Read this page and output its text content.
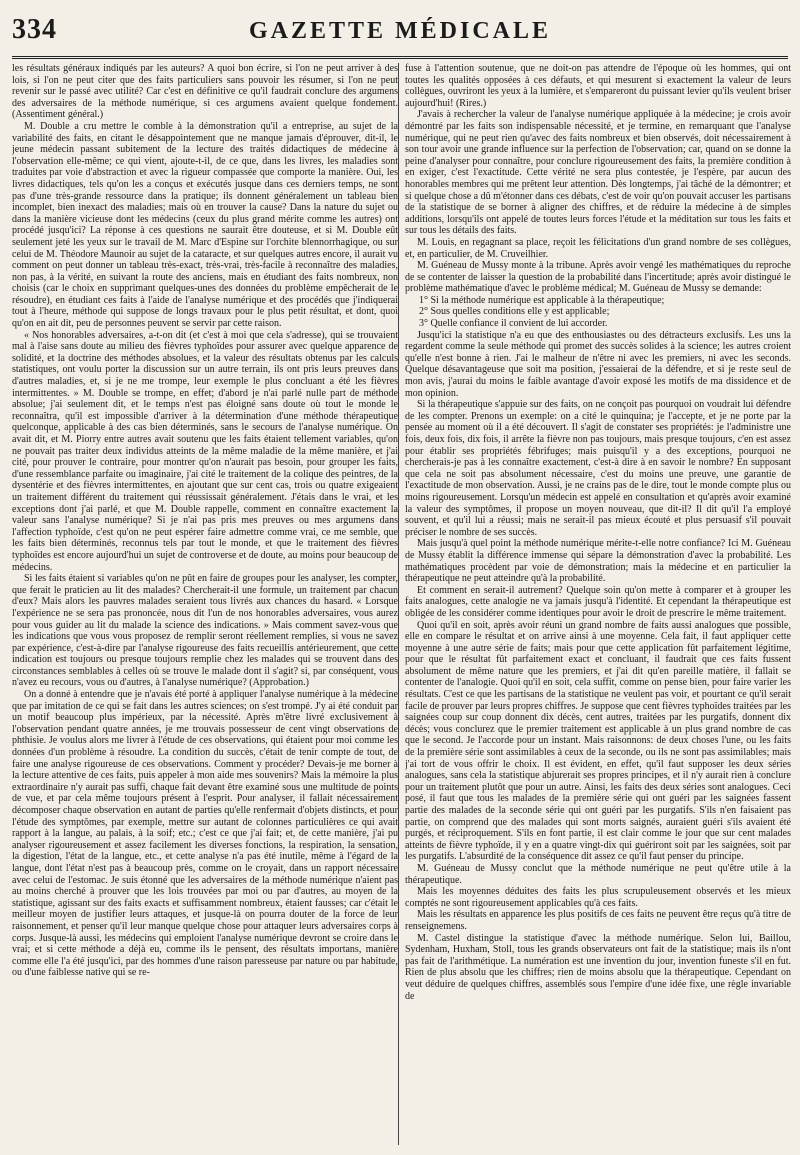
334	GAZETTE MÉDICALE

les résultats généraux indiqués par les auteurs? A quoi bon écrire, si l'on ne peut arriver à des lois, si l'on ne peut citer que des faits particuliers sans pouvoir les résumer, si l'on ne peut revenir sur le passé avec utilité? Car c'est en définitive ce qu'il faudrait conclure des argumens des adversaires de la méthode numérique, si ces argumens avaient quelque fondement. (Assentiment général.)

M. Double a cru mettre le comble à la démonstration qu'il a entreprise, au sujet de la variabilité des faits, en citant le désappointement que ne manque jamais d'éprouver, dit-il, le jeune médecin passant subitement de la lecture des traités didactiques de médecine à l'observation elle-même; ce qui vient, ajoute-t-il, de ce que, dans les livres, les maladies sont traduites par voie d'abstraction et avec la rigueur compassée que comporte la manière. Oui, les livres didactiques, tels qu'on les a conçus et exécutés jusque dans ces derniers temps, ne sont pas d'une très-grande ressource dans la pratique; ils donnent généralement un tableau bien incomplet, bien inexact des maladies; mais où en trouver la cause? Dans la nature du sujet ou dans la manière vicieuse dont les médecins (ceux du plus grand mérite comme les autres) ont procédé jusqu'ici? La réponse à ces questions ne saurait être douteuse, et si M. Double eût seulement jeté les yeux sur le travail de M. Marc d'Espine sur l'orchite blennorrhagique, ou sur celui de M. Théodore Maunoir au sujet de la cataracte, et sur quelques autres encore, il aurait vu comment on peut donner un tableau très-exact, très-vrai, très-facile à reconnaître des maladies, non pas, à la vérité, en suivant la route des anciens, mais en étudiant des faits nombreux, non choisis (car le choix en supprimant quelques-unes des données du problème empêcherait de le résoudre), en étudiant ces faits à l'aide de l'analyse numérique et des procédés que j'indiquerai tout à l'heure, méthode qui suppose de longs travaux pour le plus petit résultat, et dont, quoi qu'on en ait dit, peu de personnes peuvent se servir par cette raison.

« Nos honorables adversaires, a-t-on dit (et c'est à moi que cela s'adresse), qui se trouvaient mal à l'aise sans doute au milieu des fièvres typhoïdes pour assurer avec quelque apparence de solidité, et la doctrine des méthodes absolues, et la valeur des résultats obtenus par les calculs statistiques, ont voulu porter la discussion sur un autre terrain, ils ont pris leurs preuves dans d'autres maladies, et, si je ne me trompe, leur exemple le plus concluant a été les fièvres intermittentes. » M. Double se trompe, en effet; d'abord je n'ai parlé nulle part de méthode absolue; j'ai seulement dit, et le temps n'est pas éloigné sans doute où tout le monde le reconnaîtra, qu'il est impossible d'arriver à la détermination d'une méthode thérapeutique quelconque, applicable à des cas bien déterminés, sans le secours de l'analyse numérique. On avait dit, et M. Piorry entre autres avait soutenu que les faits étaient tellement variables, qu'on ne pouvait pas traiter deux individus atteints de la même maladie de la même manière, et j'ai cité, pour prouver le contraire, pour montrer qu'on n'aurait pas besoin, pour grouper les faits, d'une ressemblance parfaite ou imaginaire, j'ai cité le traitement de la colique des peintres, de la dysentérie et des fièvres intermittentes, en ajoutant que sur cent cas, trois ou quatre exigeaient un traitement différent du traitement qui réussissait généralement. J'étais dans le vrai, et les exceptions dont j'ai parlé, et que M. Double rappelle, comment en connaître exactement la valeur sans l'analyse numérique? Si je n'ai pas pris mes preuves ou mes argumens dans l'affection typhoïde, c'est qu'on ne peut espérer faire admettre comme vrai, ce me semble, que les faits bien déterminés, reconnus tels par tout le monde, et que le traitement des fièvres typhoïdes est encore aujourd'hui un sujet de controverse et de doute, au moins pour beaucoup de médecins.

Si les faits étaient si variables qu'on ne pût en faire de groupes pour les analyser, les compter, que ferait le praticien au lit des malades? Chercherait-il une formule, un traitement par chacun d'eux? Mais alors les pauvres malades seraient tous livrés aux chances du hasard. « Lorsque l'expérience ne se sera pas prononcée, nous dit l'un de nos honorables adversaires, vous aurez pour vous guider au lit du malade la science des indications. » Mais comment savez-vous que les indications que vous vous proposez de remplir seront réellement remplies, si vous ne savez par expérience, c'est-à-dire par l'analyse rigoureuse des faits recueillis antérieurement, que cette indication est toujours ou presque toujours remplie chez les malades qui se trouvent dans des circonstances semblables à celles où se trouve le malade dont il s'agit? si, par conséquent, vous n'avez eu recours, vous ou d'autres, à l'analyse numérique? (Approbation.)

On a donné à entendre que je n'avais été porté à appliquer l'analyse numérique à la médecine que par imitation de ce qui se fait dans les autres sciences; on s'est trompé. J'y ai été conduit par un motif beaucoup plus impérieux, par la nécessité. Après m'être livré exclusivement à l'observation pendant quatre années, je me trouvais possesseur de cent vingt observations de phthisie. Je voulus alors me livrer à l'étude de ces observations, qui étaient pour moi comme les données d'un problème à résoudre. La condition du succès, c'était de tenir compte de tout, de faire une analyse rigoureuse de ces observations. Comment y procéder? Devais-je me borner à la lecture attentive de ces faits, puis appeler à mon aide mes souvenirs? Mais la mémoire la plus extraordinaire n'y aurait pas suffi, chaque fait devant être examiné sous une multitude de points de vue, et par cela même toujours présent à l'esprit. Pour analyser, il fallait nécessairement décomposer chaque observation en autant de parties qu'elle renfermait d'objets distincts, et pour l'étude des symptômes, par exemple, mettre sur autant de colonnes particulières ce qui avait rapport à la langue, au palais, à la soif; etc.; c'est ce que j'ai fait; et, de cette manière, j'ai pu analyser rigoureusement et assez facilement les diverses fonctions, la respiration, la sensation, la digestion, l'état de la langue, etc., et cette analyse n'a pas été inutile, même à l'égard de la langue, dont l'état n'est pas à beaucoup près, comme on le croyait, dans un rapport nécessaire avec celui de l'estomac. Je suis étonné que les adversaires de la méthode numérique n'aient pas au moins cherché à prouver que les lois trouvées par moi ou par d'autres, au moyen de la statistique, agissant sur des faits exacts et suffisamment nombreux, étaient fausses; car c'était le meilleur moyen de justifier leurs attaques, et jusque-là on pourra douter de la force de leur raisonnement, et penser qu'il leur manque quelque chose pour attaquer leurs adversaires corps à corps. Jusque-là aussi, les médecins qui emploient l'analyse numérique devront se croire dans le vrai; et si cette méthode a déjà eu, comme ils le pensent, des résultats importans, manière comme elle l'a été jusqu'ici, par des hommes d'une raison paresseuse par nature ou par habitude, ou d'une faiblesse native qui se re-

fuse à l'attention soutenue, que ne doit-on pas attendre de l'époque où les hommes, qui ont toutes les qualités opposées à ces défauts, et qui mesurent si exactement la valeur de leurs collègues, ouvriront les yeux à la lumière, et s'empareront du puissant levier qu'ils veulent briser aujourd'hui! (Rires.)

J'avais à rechercher la valeur de l'analyse numérique appliquée à la médecine; je crois avoir démontré par les faits son indispensable nécessité, et je termine, en remarquant que l'analyse numérique, qui ne peut rien qu'avec des faits nombreux et bien observés, doit nécessairement à son tour avoir une grande influence sur la perfection de l'observation; car, quand on se donne la peine d'analyser pour connaître, pour conclure rigoureusement des faits, la première condition à en exiger, c'est l'exactitude. Cette vérité ne sera plus contestée, je l'espère, par aucun des honorables membres qui me prêtent leur attention. Dès longtemps, j'ai tâché de la démontrer; et si quelque chose a dû m'étonner dans ces débats, c'est de voir qu'on pouvait accuser les partisans de la statistique de se borner à aligner des chiffres, et de réduire la médecine à de simples additions, lorsqu'ils ont appelé de toutes leurs forces l'étude et la méditation sur tous les faits et sur tous les détails des faits.

M. Louis, en regagnant sa place, reçoit les félicitations d'un grand nombre de ses collègues, et, en particulier, de M. Cruveilhier.

M. Guéneau de Mussy monte à la tribune. Après avoir vengé les mathématiques du reproche de se contenter de laisser la question de la probabilité dans l'incertitude; après avoir distingué le problème mathématique d'avec le problème médical; M. Guéneau de Mussy se demande:

1° Si la méthode numérique est applicable à la thérapeutique;

2° Sous quelles conditions elle y est applicable;

3° Quelle confiance il convient de lui accorder.

Jusqu'ici la statistique n'a eu que des enthousiastes ou des détracteurs exclusifs. Les uns la regardent comme la seule méthode qui promet des succès solides à la science; les autres croient qu'elle n'est bonne à rien. J'ai le malheur de n'être ni avec les premiers, ni avec les seconds. Quelque désavantageuse que soit ma position, j'essaierai de la défendre, et si je reste seul de mon avis, j'aurai du moins le faible avantage d'avoir exposé les motifs de ma dissidence et de mon opinion.

Si la thérapeutique s'appuie sur des faits, on ne conçoit pas pourquoi on voudrait lui défendre de les compter. Prenons un exemple: on a cité le quinquina; je l'accepte, et je ne porte par la pensée au moment où il a été découvert. Il s'agit de constater ses propriétés: je l'administre une fois, deux fois, dix fois, il arrête la fièvre non pas toujours, mais presque toujours, c'en est assez pour établir ses propriétés fébrifuges; mais puisqu'il y a des exceptions, pourquoi ne chercherais-je pas à les connaître exactement, c'est-à dire à en savoir le nombre? En supposant que cela ne soit pas absolument nécessaire, c'est du moins une preuve, une garantie de l'exactitude de mon observation. Aussi, je ne crains pas de le dire, tout le monde compte plus ou moins rigoureusement. Lorsqu'un médecin est appelé en consultation et qu'après avoir examiné la valeur des symptômes, il propose un moyen nouveau, que dit-il? Il dit qu'il l'a employé souvent, et qu'il lui a réussi; mais ne serait-il pas mieux écouté et plus persuasif s'il pouvait préciser le nombre de ses succès.

Mais jusqu'à quel point la méthode numérique mérite-t-elle notre confiance? Ici M. Guéneau de Mussy établit la différence immense qui sépare la démonstration d'avec la probabilité. Les mathématiques procèdent par voie de démonstration; mais la médecine et en particulier la thérapeutique ne peut atteindre qu'à la probabilité.

Et comment en serait-il autrement? Quelque soin qu'on mette à comparer et à grouper les faits analogues, cette analogie ne va jamais jusqu'à l'identité. Et cependant la thérapeutique est obligée de les considérer comme identiques pour avoir le droit de prescrire le même traitement.

Quoi qu'il en soit, après avoir réuni un grand nombre de faits aussi analogues que possible, elle en compare le résultat et on arrive ainsi à une moyenne. Cela fait, il faut appliquer cette moyenne à une autre série de faits; mais pour que cette application fût parfaitement légitime, pour que le résultat fût parfaitement exact et concluant, il faudrait que ces faits fussent absolument de même nature que les premiers, et j'ai dit qu'en pareille matière, il fallait se contenter de l'analogie. Quoi qu'il en soit, cela suffit, comme on pense bien, pour faire varier les résultats. C'est ce que les partisans de la statistique ne veulent pas voir, et pourtant ce qu'il serait facile de prouver par leurs propres chiffres. Je suppose que cent fièvres typhoïdes traitées par les saignées coup sur coup donnent dix décès, cent autres, traitées par les purgatifs, donnent dix décès; vous conclurez que le premier traitement est applicable à un plus grand nombre de cas que le second. Je l'accorde pour un instant. Mais raisonnons: de deux choses l'une, ou les faits de la première série sont assimilables à ceux de la seconde, ou ils ne sont pas assimilables; mais j'ai tort de vous offrir le choix. Il est évident, en effet, qu'il faut supposer les deux séries analogues, sans cela la statistique abjurerait ses propres principes, et il n'y aurait rien à conclure pour un traitement plutôt que pour un autre. Ainsi, les faits des deux séries sont analogues. Ceci posé, il faut que tous les malades de la première série qui ont guéri par les saignées fassent partie des malades de la seconde série qui ont guéri par les purgatifs. S'ils n'en faisaient pas partie, on comprend que des malades qui sont morts saignés, auraient guéri s'ils avaient été purgés, et réciproquement. S'ils en font partie, il est clair comme le jour que sur cent malades atteints de fièvre typhoïde, il y en a quatre vingt-dix qui guériront soit par les saignées, soit par les purgatifs. L'absurdité de la conséquence dit assez ce qu'il faut penser du principe.

M. Guéneau de Mussy conclut que la méthode numérique ne peut qu'être utile à la thérapeutique.

Mais les moyennes déduites des faits les plus scrupuleusement observés et les mieux comptés ne sont rigoureusement applicables qu'à ces faits.

Mais les résultats en apparence les plus positifs de ces faits ne peuvent être reçus qu'à titre de renseignemens.

M. Castel distingue la statistique d'avec la méthode numérique. Selon lui, Baillou, Sydenham, Huxham, Stoll, tous les grands observateurs ont fait de la statistique; mais ils n'ont pas fait de l'arithmétique. La numération est une invention du jour, invention funeste s'il en fut. Rien de plus absolu que les chiffres; rien de moins absolu que la thérapeutique. Cependant on veut déduire de quelques chiffres, assemblés sous l'empire d'une idée fixe, une règle invariable de
